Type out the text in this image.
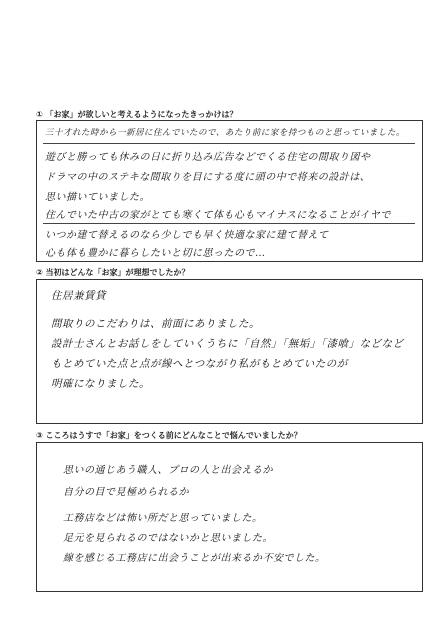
① 「お家」が欲しいと考えるようになったきっかけは？
三十才れた時から一新居に住んでいたので、あたり前に家を持つものと思っていました。
遊びと勝っても休みの日に折り込み広告などでくる住宅の間取り図や
ドラマの中のステキな間取りを目にする度に頭の中で将来の設計は、
思い描いていました。
住んでいた中古の家がとても寒くて体も心もマイナスになることがイヤで
いつか建て替えるのなら少しでも早く快適な家に建て替えて
心も体も豊かに暮らしたいと切に思ったので…
② 当初はどんな「お家」が理想でしたか？
住居兼賃貸
間取りのこだわりは、前面にありました。
設計士さんとお話しをしていくうちに「自然」「無垢」「漆喰」などなど
もとめていた点と点が線へとつながり私がもとめていたのが
明確になりました。
③ こころはうすで「お家」をつくる前にどんなことで悩んでいましたか？
思いの通じあう職人、プロの人と出会えるか
自分の目で見極められるか
工務店などは怖い所だと思っていました。
足元を見られるのではないかと思いました。
線を感じる工務店に出会うことが出来るか不安でした。
